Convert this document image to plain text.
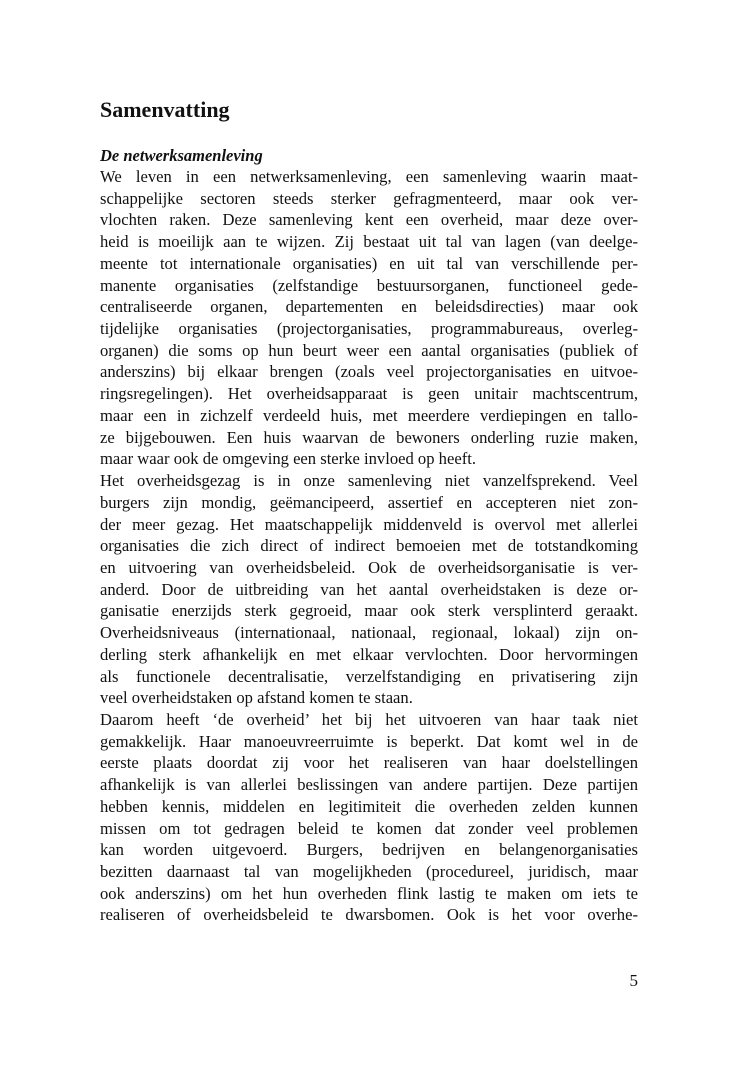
Samenvatting
De netwerksamenleving
We leven in een netwerksamenleving, een samenleving waarin maat-
schappelijke sectoren steeds sterker gefragmenteerd, maar ook ver-
vlochten raken. Deze samenleving kent een overheid, maar deze over-
heid is moeilijk aan te wijzen. Zij bestaat uit tal van lagen (van deelge-
meente tot internationale organisaties) en uit tal van verschillende per-
manente organisaties (zelfstandige bestuursorganen, functioneel gede-
centraliseerde organen, departementen en beleidsdirecties) maar ook
tijdelijke organisaties (projectorganisaties, programmabureaus, overleg-
organen) die soms op hun beurt weer een aantal organisaties (publiek of
anderszins) bij elkaar brengen (zoals veel projectorganisaties en uitvoe-
ringsregelingen). Het overheidsapparaat is geen unitair machtscentrum,
maar een in zichzelf verdeeld huis, met meerdere verdiepingen en tallo-
ze bijgebouwen. Een huis waarvan de bewoners onderling ruzie maken,
maar waar ook de omgeving een sterke invloed op heeft.
Het overheidsgezag is in onze samenleving niet vanzelfsprekend. Veel
burgers zijn mondig, geëmancipeerd, assertief en accepteren niet zon-
der meer gezag. Het maatschappelijk middenveld is overvol met allerlei
organisaties die zich direct of indirect bemoeien met de totstandkoming
en uitvoering van overheidsbeleid. Ook de overheidsorganisatie is ver-
anderd. Door de uitbreiding van het aantal overheidstaken is deze or-
ganisatie enerzijds sterk gegroeid, maar ook sterk versplinterd geraakt.
Overheidsniveaus (internationaal, nationaal, regionaal, lokaal) zijn on-
derling sterk afhankelijk en met elkaar vervlochten. Door hervormingen
als functionele decentralisatie, verzelfstandiging en privatisering zijn
veel overheidstaken op afstand komen te staan.
Daarom heeft ‘de overheid’ het bij het uitvoeren van haar taak niet
gemakkelijk. Haar manoeuvreerruimte is beperkt. Dat komt wel in de
eerste plaats doordat zij voor het realiseren van haar doelstellingen
afhankelijk is van allerlei beslissingen van andere partijen. Deze partijen
hebben kennis, middelen en legitimiteit die overheden zelden kunnen
missen om tot gedragen beleid te komen dat zonder veel problemen
kan worden uitgevoerd. Burgers, bedrijven en belangenorganisaties
bezitten daarnaast tal van mogelijkheden (procedureel, juridisch, maar
ook anderszins) om het hun overheden flink lastig te maken om iets te
realiseren of overheidsbeleid te dwarsbomen. Ook is het voor overhe-
5
